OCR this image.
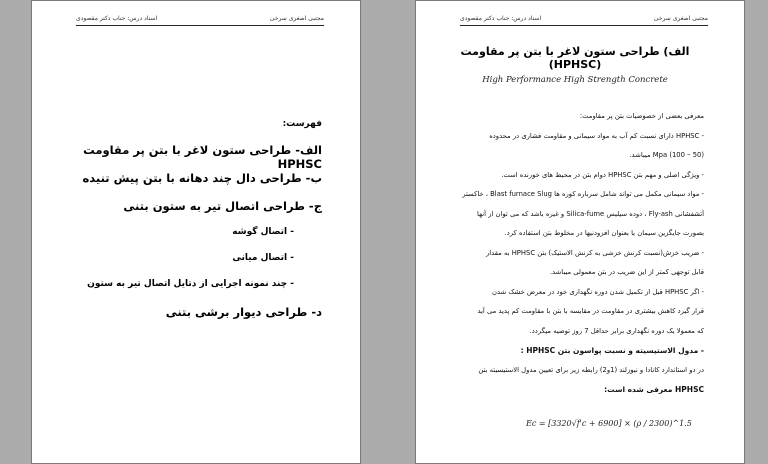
مجتبی اصغری سرخی
استاد درس: جناب دکتر مقصودی
فهرست:
الف- طراحی ستون لاغر با بتن پر مقاومت HPHSC
ب- طراحی دال چند دهانه با بتن پیش تنیده
ج- طراحی اتصال تیر به ستون بتنی
- اتصال گوشه
- اتصال میانی
- چند نمونه اجرایی از دتایل اتصال تیر به ستون
د- طراحی دیوار برشی بتنی
مجتبی اصغری سرخی
استاد درس: جناب دکتر مقصودی
الف) طراحی ستون لاغر با بتن پر مقاومت (HPHSC)
High Performance High Strength Concrete

معرفی بعضی از خصوصیات بتن پر مقاومت:

- HPHSC دارای نسبت کم آب به مواد سیمانی و مقاومت فشاری در محدوده

(50 – 100) Mpa میباشد.

- ویژگی اصلی و مهم بتن HPHSC دوام بتن در محیط های خورنده است.

- مواد سیمانی مکمل می تواند شامل سرباره کوره ها Blast furnace Slug ، خاکستر

آتشفشانی Fly-ash ، دوده سیلیس Silica-fume و غیره باشد که می توان از آنها

بصورت جایگزین سیمان یا بعنوان افزودنیها در مخلوط بتن استفاده کرد.

- ضریب خزش(نسبت کرنش خزشی به کرنش الاستیک) بتن HPHSC به مقدار

قابل توجهی کمتر از این ضریب در بتن معمولی میباشد.

- اگر HPHSC قبل از تکمیل شدن دوره نگهداری خود در معرض خشک شدن

قرار گیرد کاهش بیشتری در مقاومت در مقایسه با بتن با مقاومت کم پدید می آید

که معمولا یک دوره نگهداری برابر حداقل 7 روز توصیه میگردد.

- مدول الاستیسیته و نسبت پواسون بتن HPHSC :

در دو استاندارد کانادا و نیوزلند (1و2) رابطه زیر برای تعیین مدول الاستیسیته بتن

HPHSC معرفی شده است:

Ec = [3320√f'c + 6900] × (ρ / 2300)^1.5
